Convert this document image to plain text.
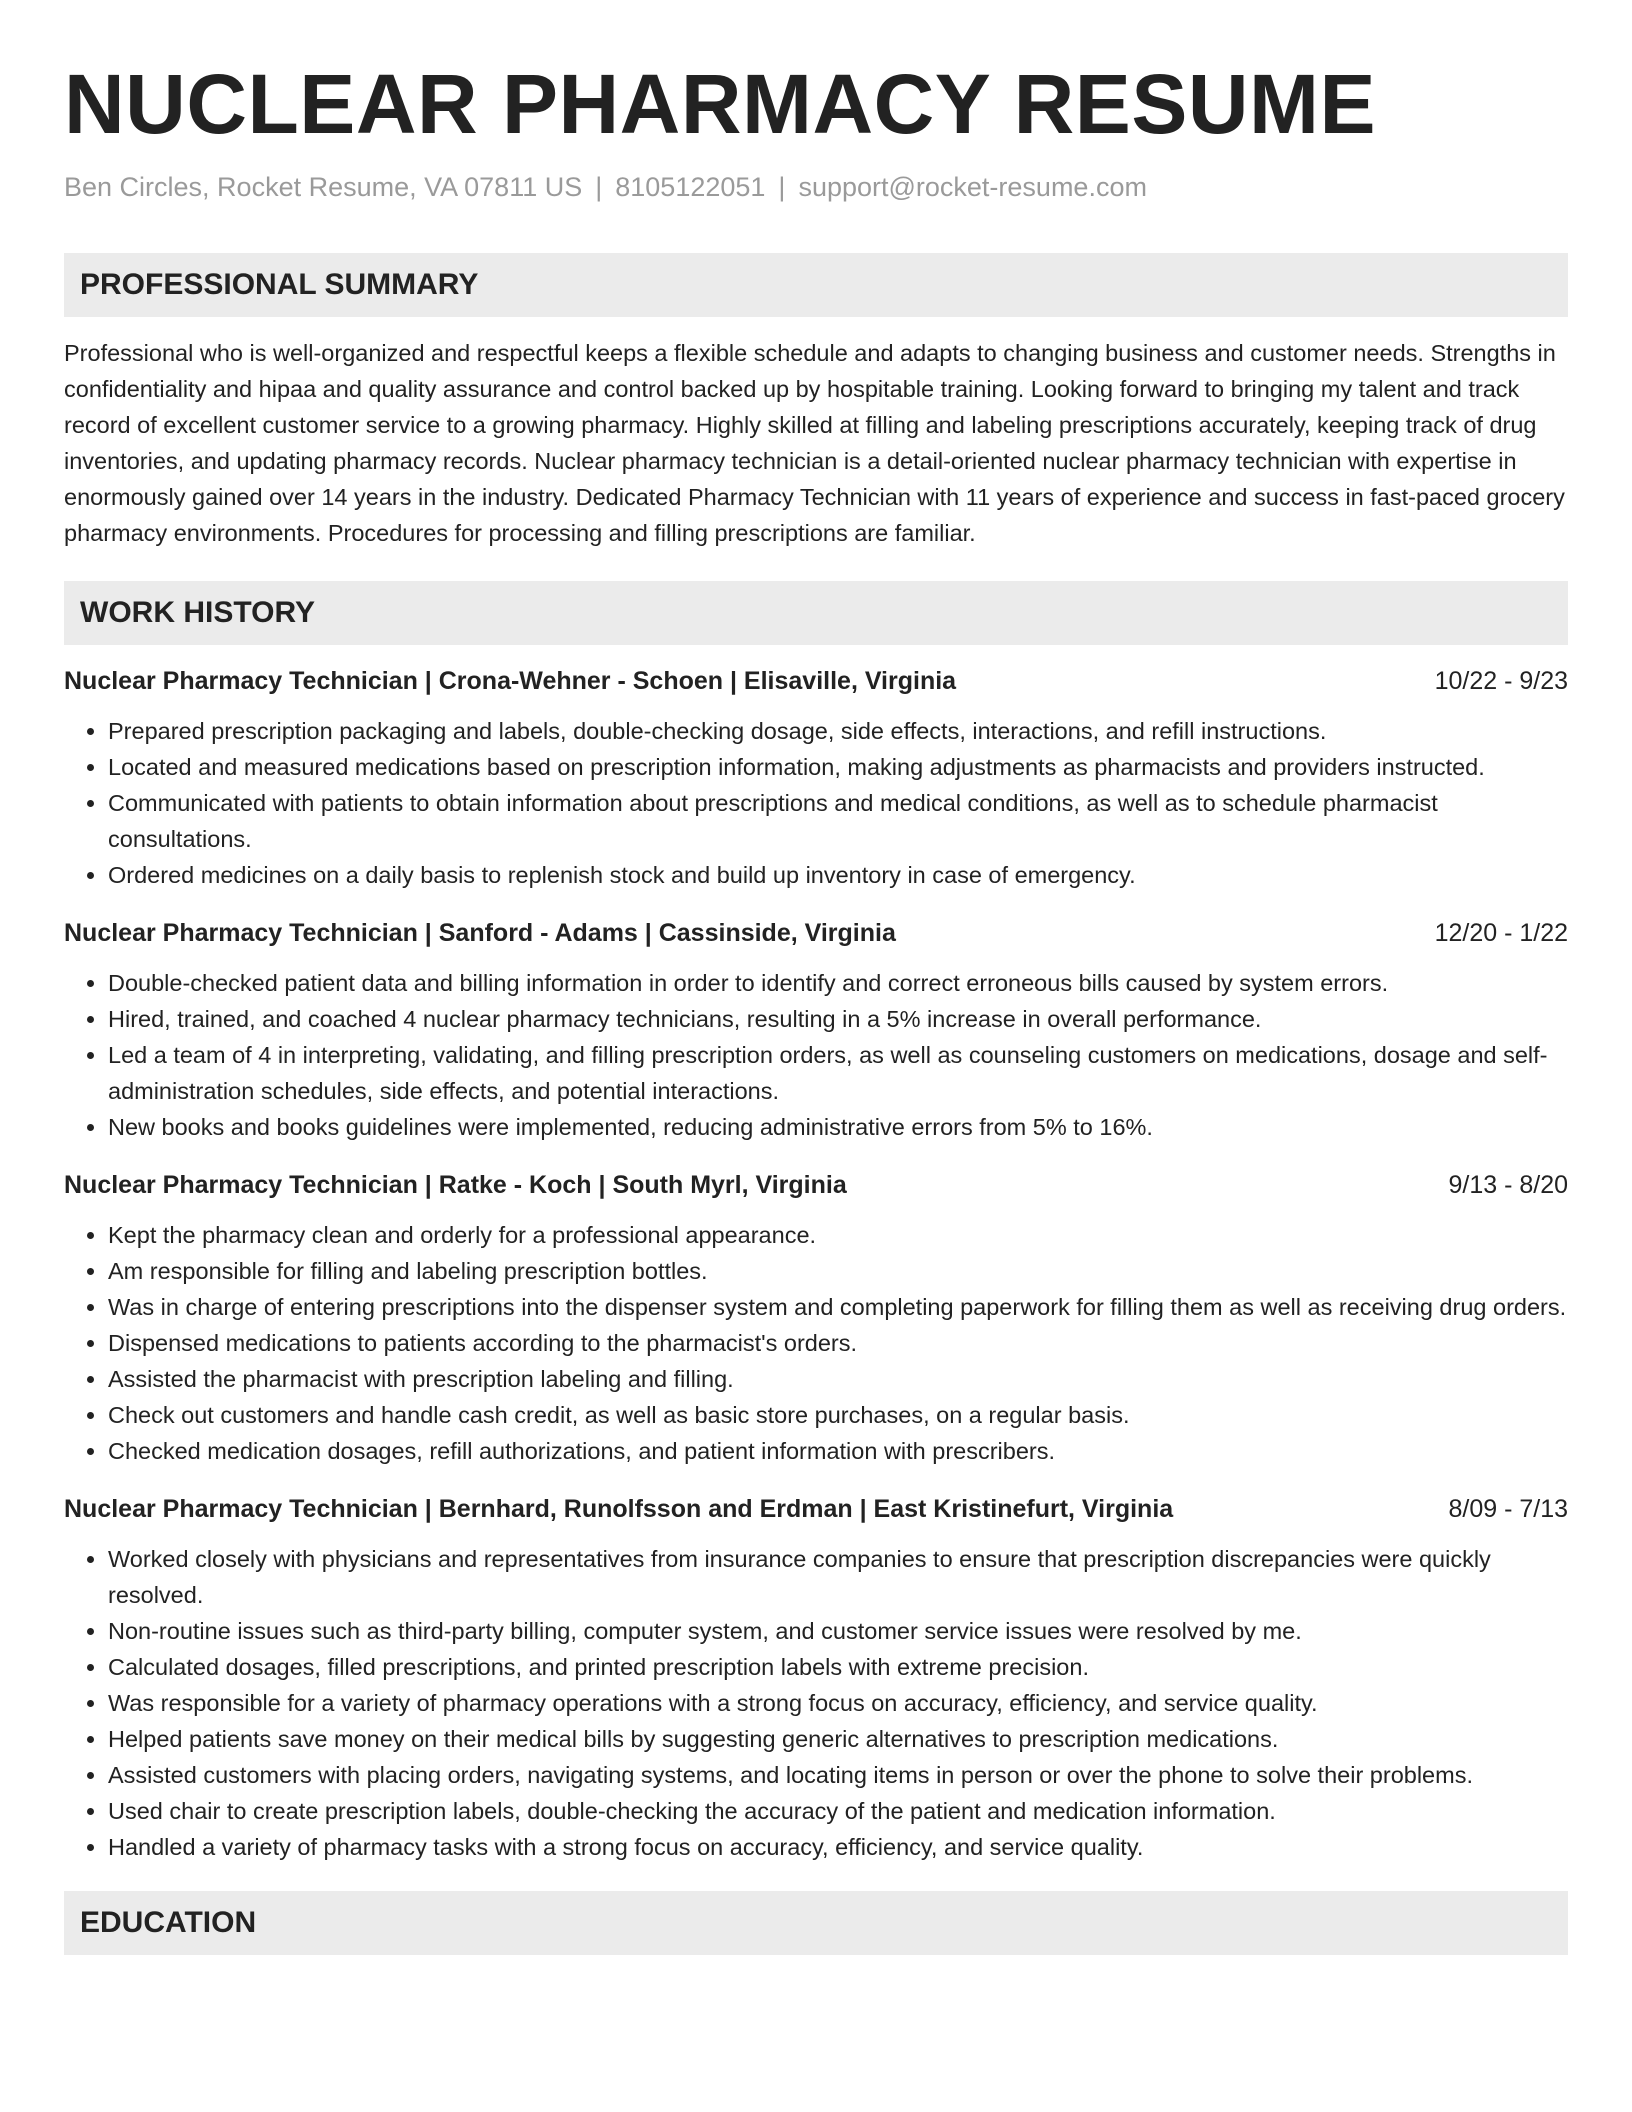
NUCLEAR PHARMACY RESUME
Ben Circles, Rocket Resume, VA 07811 US | 8105122051 | support@rocket-resume.com
PROFESSIONAL SUMMARY
Professional who is well-organized and respectful keeps a flexible schedule and adapts to changing business and customer needs. Strengths in confidentiality and hipaa and quality assurance and control backed up by hospitable training. Looking forward to bringing my talent and track record of excellent customer service to a growing pharmacy. Highly skilled at filling and labeling prescriptions accurately, keeping track of drug inventories, and updating pharmacy records. Nuclear pharmacy technician is a detail-oriented nuclear pharmacy technician with expertise in enormously gained over 14 years in the industry. Dedicated Pharmacy Technician with 11 years of experience and success in fast-paced grocery pharmacy environments. Procedures for processing and filling prescriptions are familiar.
WORK HISTORY
Nuclear Pharmacy Technician | Crona-Wehner - Schoen | Elisaville, Virginia	10/22 - 9/23
• Prepared prescription packaging and labels, double-checking dosage, side effects, interactions, and refill instructions.
• Located and measured medications based on prescription information, making adjustments as pharmacists and providers instructed.
• Communicated with patients to obtain information about prescriptions and medical conditions, as well as to schedule pharmacist consultations.
• Ordered medicines on a daily basis to replenish stock and build up inventory in case of emergency.
Nuclear Pharmacy Technician | Sanford - Adams | Cassinside, Virginia	12/20 - 1/22
• Double-checked patient data and billing information in order to identify and correct erroneous bills caused by system errors.
• Hired, trained, and coached 4 nuclear pharmacy technicians, resulting in a 5% increase in overall performance.
• Led a team of 4 in interpreting, validating, and filling prescription orders, as well as counseling customers on medications, dosage and self-administration schedules, side effects, and potential interactions.
• New books and books guidelines were implemented, reducing administrative errors from 5% to 16%.
Nuclear Pharmacy Technician | Ratke - Koch | South Myrl, Virginia	9/13 - 8/20
• Kept the pharmacy clean and orderly for a professional appearance.
• Am responsible for filling and labeling prescription bottles.
• Was in charge of entering prescriptions into the dispenser system and completing paperwork for filling them as well as receiving drug orders.
• Dispensed medications to patients according to the pharmacist's orders.
• Assisted the pharmacist with prescription labeling and filling.
• Check out customers and handle cash credit, as well as basic store purchases, on a regular basis.
• Checked medication dosages, refill authorizations, and patient information with prescribers.
Nuclear Pharmacy Technician | Bernhard, Runolfsson and Erdman | East Kristinefurt, Virginia	8/09 - 7/13
• Worked closely with physicians and representatives from insurance companies to ensure that prescription discrepancies were quickly resolved.
• Non-routine issues such as third-party billing, computer system, and customer service issues were resolved by me.
• Calculated dosages, filled prescriptions, and printed prescription labels with extreme precision.
• Was responsible for a variety of pharmacy operations with a strong focus on accuracy, efficiency, and service quality.
• Helped patients save money on their medical bills by suggesting generic alternatives to prescription medications.
• Assisted customers with placing orders, navigating systems, and locating items in person or over the phone to solve their problems.
• Used chair to create prescription labels, double-checking the accuracy of the patient and medication information.
• Handled a variety of pharmacy tasks with a strong focus on accuracy, efficiency, and service quality.
EDUCATION
